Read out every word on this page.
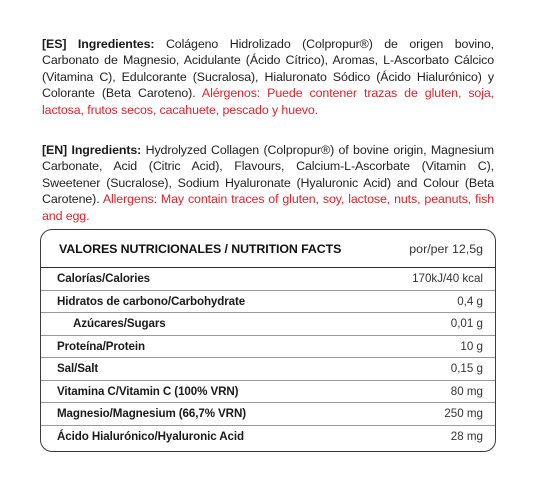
[ES] Ingredientes: Colágeno Hidrolizado (Colpropur®) de origen bovino, Carbonato de Magnesio, Acidulante (Ácido Cítrico), Aromas, L-Ascorbato Cálcico (Vitamina C), Edulcorante (Sucralosa), Hialuronato Sódico (Ácido Hialurónico) y Colorante (Beta Caroteno). Alérgenos: Puede contener trazas de gluten, soja, lactosa, frutos secos, cacahuete, pescado y huevo.

[EN] Ingredients: Hydrolyzed Collagen (Colpropur®) of bovine origin, Magnesium Carbonate, Acid (Citric Acid), Flavours, Calcium-L-Ascorbate (Vitamin C), Sweetener (Sucralose), Sodium Hyaluronate (Hyaluronic Acid) and Colour (Beta Carotene). Allergens: May contain traces of gluten, soy, lactose, nuts, peanuts, fish and egg.

VALORES NUTRICIONALES / NUTRITION FACTS	por/per 12,5g
Calorías/Calories	170kJ/40 kcal
Hidratos de carbono/Carbohydrate	0,4 g
Azúcares/Sugars	0,01 g
Proteína/Protein	10 g
Sal/Salt	0,15 g
Vitamina C/Vitamin C (100% VRN)	80 mg
Magnesio/Magnesium (66,7% VRN)	250 mg
Ácido Hialurónico/Hyaluronic Acid	28 mg
